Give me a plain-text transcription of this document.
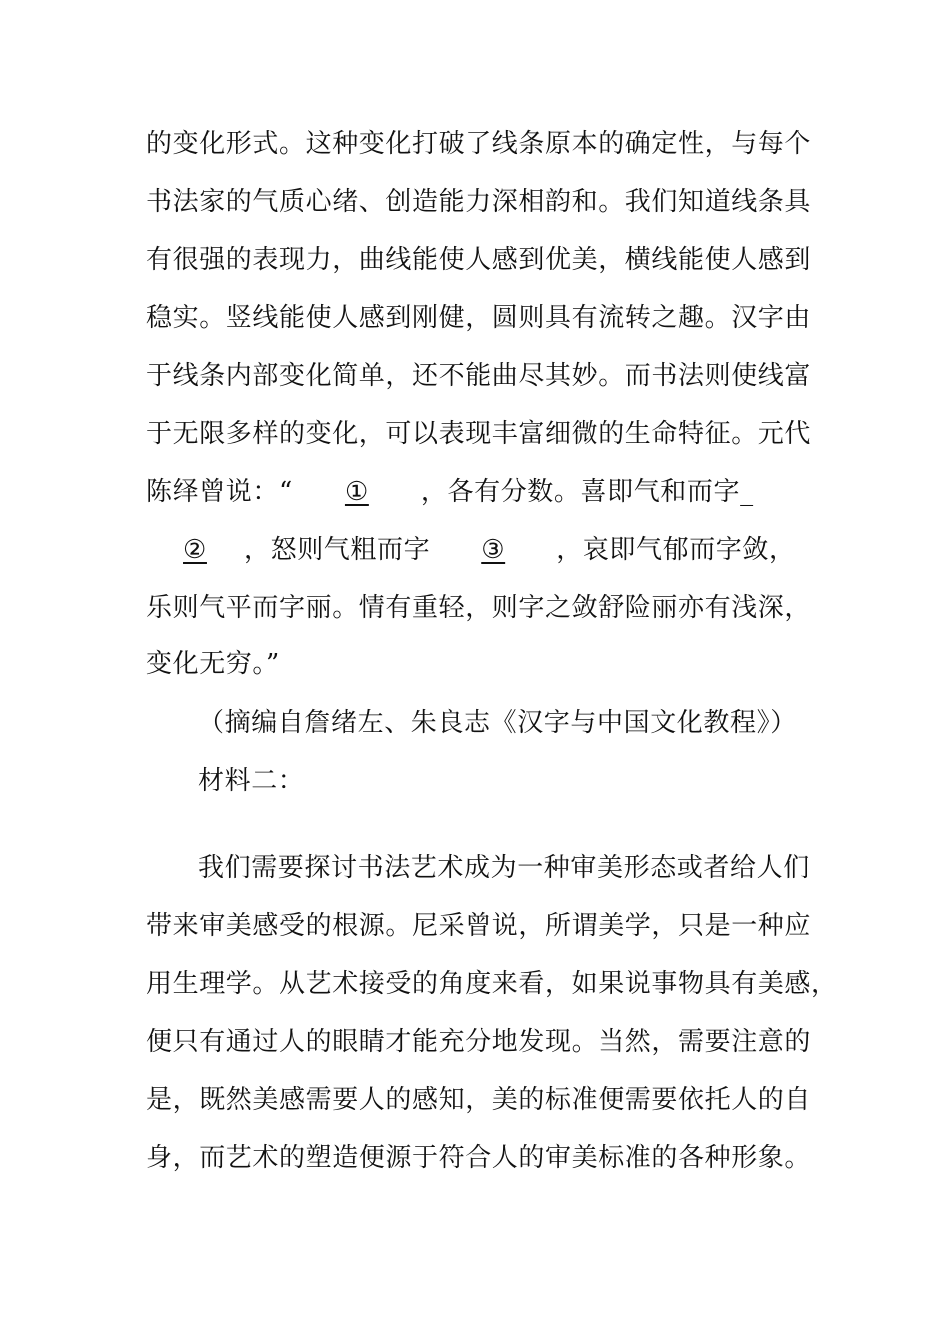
的变化形式。这种变化打破了线条原本的确定性，与每个
书法家的气质心绪、创造能力深相韵和。我们知道线条具
有很强的表现力，曲线能使人感到优美，横线能使人感到
稳实。竖线能使人感到刚健，圆则具有流转之趣。汉字由
于线条内部变化简单，还不能曲尽其妙。而书法则使线富
于无限多样的变化，可以表现丰富细微的生命特征。元代
陈绎曾说：“ ① ，各有分数。喜即气和而字_
② ，怒则气粗而字 ③ ，哀即气郁而字敛，
乐则气平而字丽。情有重轻，则字之敛舒险丽亦有浅深，
变化无穷。”
（摘编自詹绪左、朱良志《汉字与中国文化教程》）
材料二：
我们需要探讨书法艺术成为一种审美形态或者给人们
带来审美感受的根源。尼采曾说，所谓美学，只是一种应
用生理学。从艺术接受的角度来看，如果说事物具有美感，
便只有通过人的眼睛才能充分地发现。当然，需要注意的
是，既然美感需要人的感知，美的标准便需要依托人的自
身，而艺术的塑造便源于符合人的审美标准的各种形象。
